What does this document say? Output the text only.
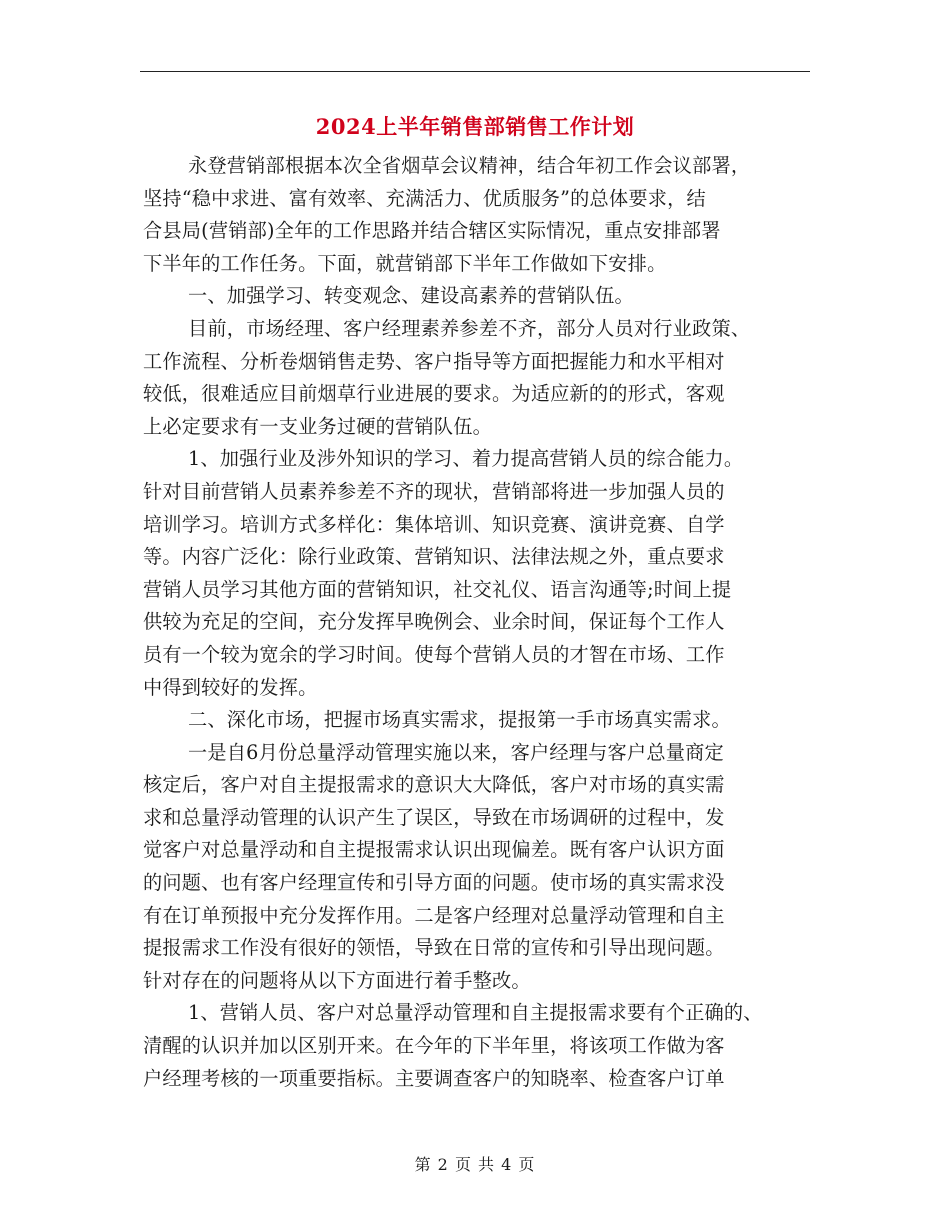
2024上半年销售部销售工作计划
永登营销部根据本次全省烟草会议精神，结合年初工作会议部署，
坚持“稳中求进、富有效率、充满活力、优质服务”的总体要求，结
合县局(营销部)全年的工作思路并结合辖区实际情况，重点安排部署
下半年的工作任务。下面，就营销部下半年工作做如下安排。
一、加强学习、转变观念、建设高素养的营销队伍。
目前，市场经理、客户经理素养参差不齐，部分人员对行业政策、
工作流程、分析卷烟销售走势、客户指导等方面把握能力和水平相对
较低，很难适应目前烟草行业进展的要求。为适应新的的形式，客观
上必定要求有一支业务过硬的营销队伍。
1、加强行业及涉外知识的学习、着力提高营销人员的综合能力。
针对目前营销人员素养参差不齐的现状，营销部将进一步加强人员的
培训学习。培训方式多样化：集体培训、知识竞赛、演讲竞赛、自学
等。内容广泛化：除行业政策、营销知识、法律法规之外，重点要求
营销人员学习其他方面的营销知识，社交礼仪、语言沟通等;时间上提
供较为充足的空间，充分发挥早晚例会、业余时间，保证每个工作人
员有一个较为宽余的学习时间。使每个营销人员的才智在市场、工作
中得到较好的发挥。
二、深化市场，把握市场真实需求，提报第一手市场真实需求。
一是自6月份总量浮动管理实施以来，客户经理与客户总量商定
核定后，客户对自主提报需求的意识大大降低，客户对市场的真实需
求和总量浮动管理的认识产生了误区，导致在市场调研的过程中，发
觉客户对总量浮动和自主提报需求认识出现偏差。既有客户认识方面
的问题、也有客户经理宣传和引导方面的问题。使市场的真实需求没
有在订单预报中充分发挥作用。二是客户经理对总量浮动管理和自主
提报需求工作没有很好的领悟，导致在日常的宣传和引导出现问题。
针对存在的问题将从以下方面进行着手整改。
1、营销人员、客户对总量浮动管理和自主提报需求要有个正确的、
清醒的认识并加以区别开来。在今年的下半年里，将该项工作做为客
户经理考核的一项重要指标。主要调查客户的知晓率、检查客户订单
第 2 页 共 4 页
